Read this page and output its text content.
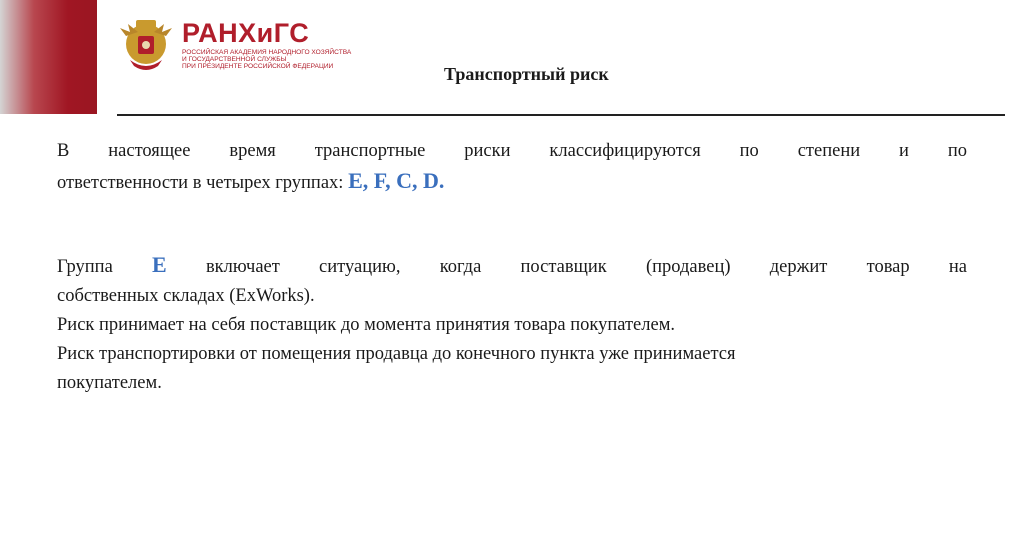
РАНХиГС
РОССИЙСКАЯ АКАДЕМИЯ НАРОДНОГО ХОЗЯЙСТВА
И ГОСУДАРСТВЕННОЙ СЛУЖБЫ
ПРИ ПРЕЗИДЕНТЕ РОССИЙСКОЙ ФЕДЕРАЦИИ	Транспортный риск
В настоящее время транспортные риски классифицируются по степени и по
ответственности в четырех группах: E, F, C, D.
Группа E включает ситуацию, когда поставщик (продавец) держит товар на
собственных складах (ExWorks).
Риск принимает на себя поставщик до момента принятия товара покупателем.
Риск транспортировки от помещения продавца до конечного пункта уже принимается
покупателем.
